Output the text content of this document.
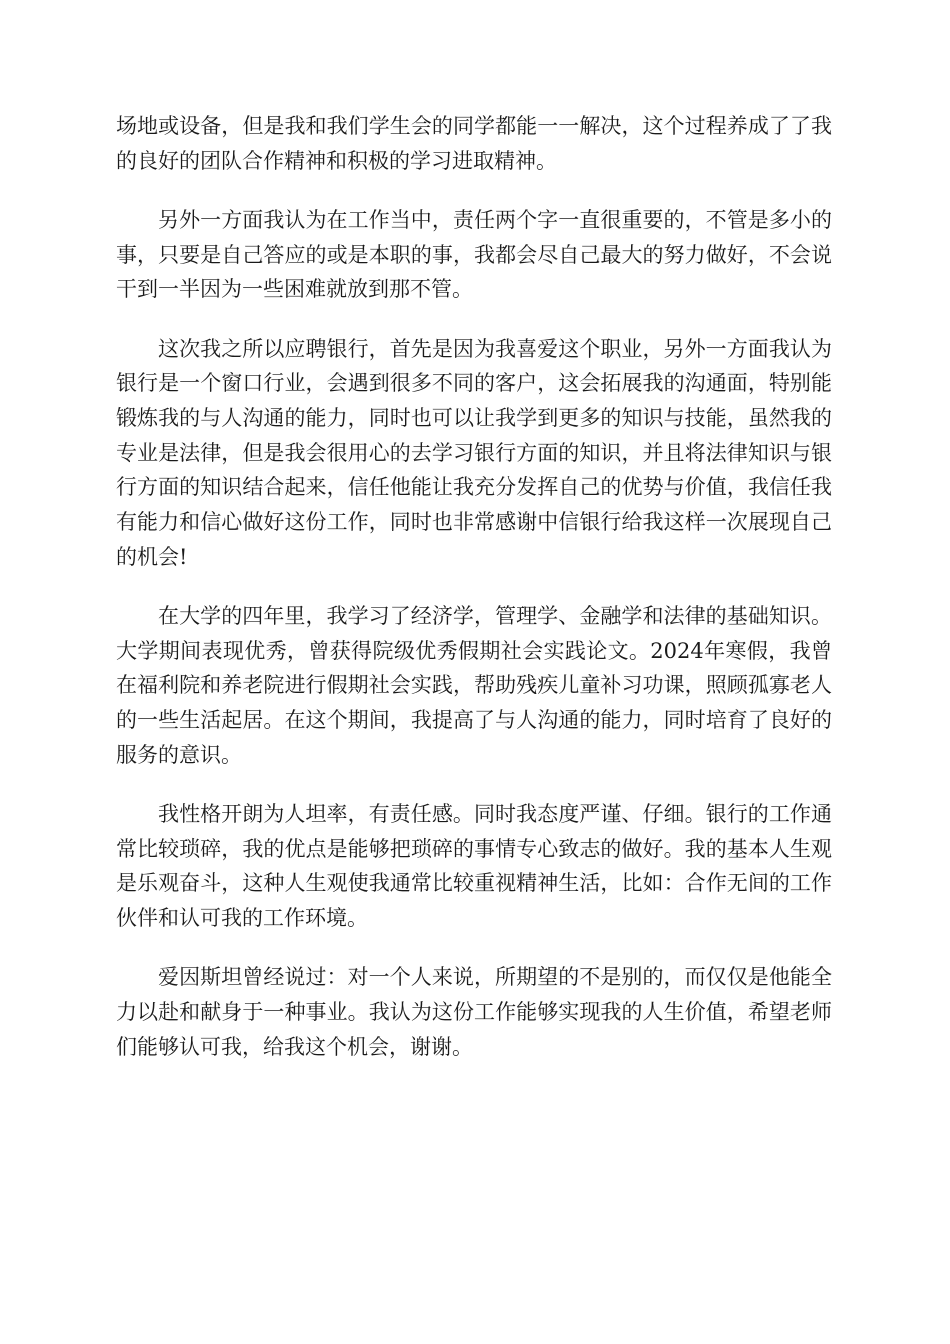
场地或设备，但是我和我们学生会的同学都能一一解决，这个过程养成了了我的良好的团队合作精神和积极的学习进取精神。

另外一方面我认为在工作当中，责任两个字一直很重要的，不管是多小的事，只要是自己答应的或是本职的事，我都会尽自己最大的努力做好，不会说干到一半因为一些困难就放到那不管。

这次我之所以应聘银行，首先是因为我喜爱这个职业，另外一方面我认为银行是一个窗口行业，会遇到很多不同的客户，这会拓展我的沟通面，特别能锻炼我的与人沟通的能力，同时也可以让我学到更多的知识与技能，虽然我的专业是法律，但是我会很用心的去学习银行方面的知识，并且将法律知识与银行方面的知识结合起来，信任他能让我充分发挥自己的优势与价值，我信任我有能力和信心做好这份工作，同时也非常感谢中信银行给我这样一次展现自己的机会!

在大学的四年里，我学习了经济学，管理学、金融学和法律的基础知识。大学期间表现优秀，曾获得院级优秀假期社会实践论文。2024年寒假，我曾在福利院和养老院进行假期社会实践，帮助残疾儿童补习功课，照顾孤寡老人的一些生活起居。在这个期间，我提高了与人沟通的能力，同时培育了良好的服务的意识。

我性格开朗为人坦率，有责任感。同时我态度严谨、仔细。银行的工作通常比较琐碎，我的优点是能够把琐碎的事情专心致志的做好。我的基本人生观是乐观奋斗，这种人生观使我通常比较重视精神生活，比如：合作无间的工作伙伴和认可我的工作环境。

爱因斯坦曾经说过：对一个人来说，所期望的不是别的，而仅仅是他能全力以赴和献身于一种事业。我认为这份工作能够实现我的人生价值，希望老师们能够认可我，给我这个机会，谢谢。
